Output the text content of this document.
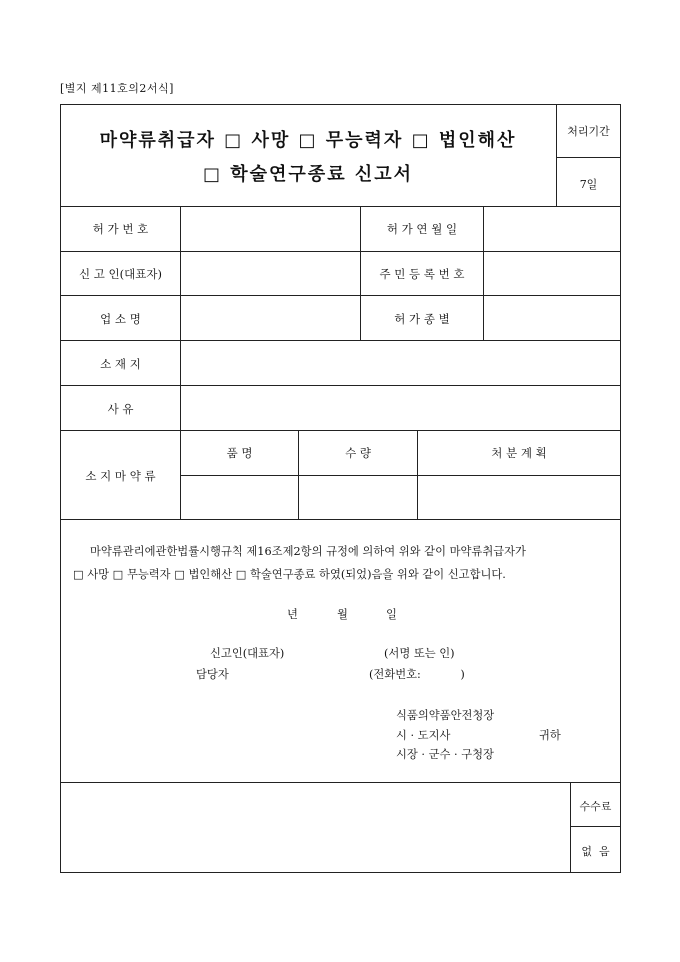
[별지 제11호의2서식]
마약류취급자 □ 사망 □ 무능력자 □ 법인해산
□ 학술연구종료 신고서
처리기간
7일
허 가 번 호	허 가 연 월 일
신 고 인(대표자)	주 민 등 록 번 호
업 소 명	허 가 종 별
소 재 지
사 유
소 지 마 약 류
품 명	수 량	처 분 계 획
마약류관리에관한법률시행규칙 제16조제2항의 규정에 의하여 위와 같이 마약류취급자가
□ 사망 □ 무능력자 □ 법인해산 □ 학술연구종료 하였(되었)음을 위와 같이 신고합니다.
년	월	일
신고인(대표자)	(서명 또는 인)
담당자	(전화번호:           )
식품의약품안전청장
시 · 도지사	귀하
시장 · 군수 · 구청장
수수료
없  음
